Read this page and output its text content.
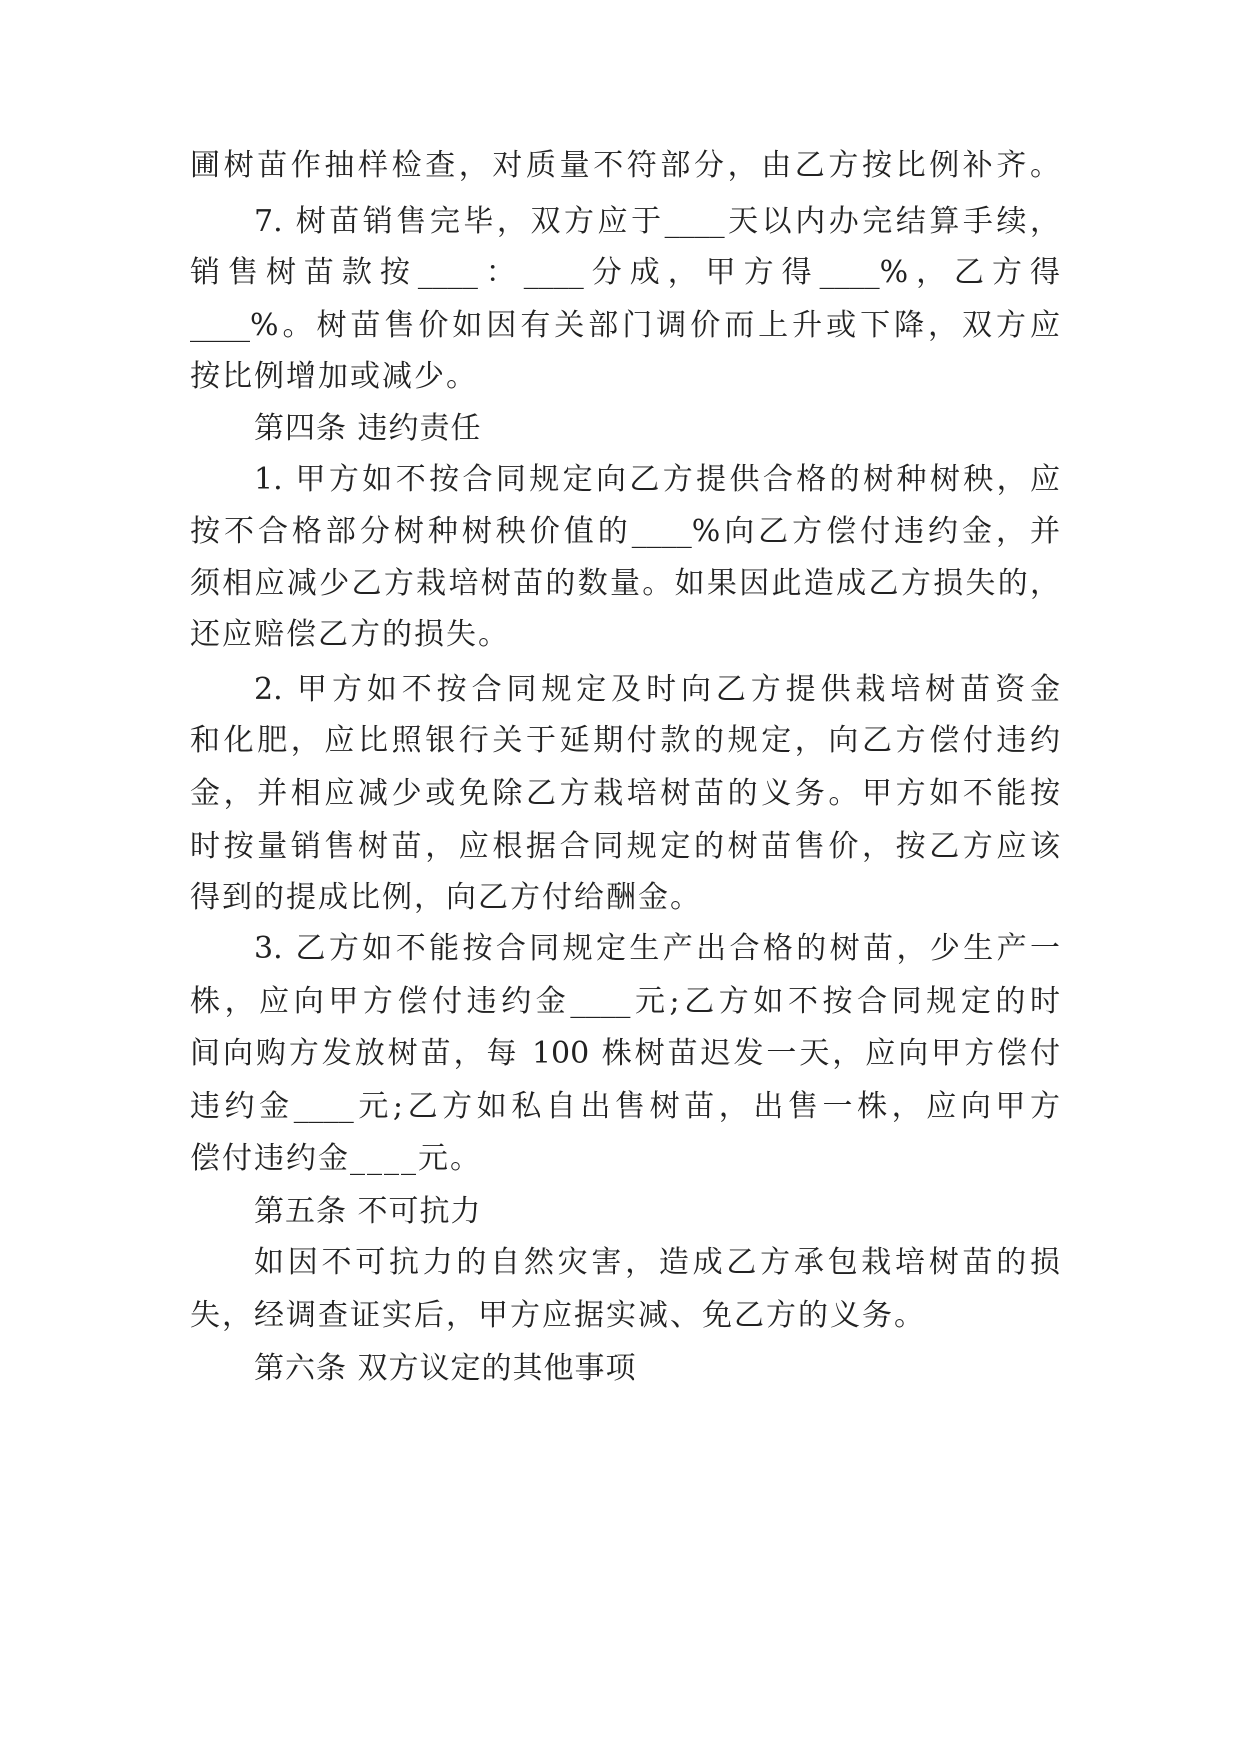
圃树苗作抽样检查，对质量不符部分，由乙方按比例补齐。
7. 树苗销售完毕，双方应于____天以内办完结算手续，
销售树苗款按____：____分成，甲方得____%，乙方得
____%。树苗售价如因有关部门调价而上升或下降，双方应
按比例增加或减少。
第四条 违约责任
1. 甲方如不按合同规定向乙方提供合格的树种树秧，应
按不合格部分树种树秧价值的____%向乙方偿付违约金，并
须相应减少乙方栽培树苗的数量。如果因此造成乙方损失的，
还应赔偿乙方的损失。
2. 甲方如不按合同规定及时向乙方提供栽培树苗资金
和化肥，应比照银行关于延期付款的规定，向乙方偿付违约
金，并相应减少或免除乙方栽培树苗的义务。甲方如不能按
时按量销售树苗，应根据合同规定的树苗售价，按乙方应该
得到的提成比例，向乙方付给酬金。
3. 乙方如不能按合同规定生产出合格的树苗，少生产一
株，应向甲方偿付违约金____元;乙方如不按合同规定的时
间向购方发放树苗，每 100 株树苗迟发一天，应向甲方偿付
违约金____元;乙方如私自出售树苗，出售一株，应向甲方
偿付违约金____元。
第五条 不可抗力
如因不可抗力的自然灾害，造成乙方承包栽培树苗的损
失，经调查证实后，甲方应据实减、免乙方的义务。
第六条 双方议定的其他事项
